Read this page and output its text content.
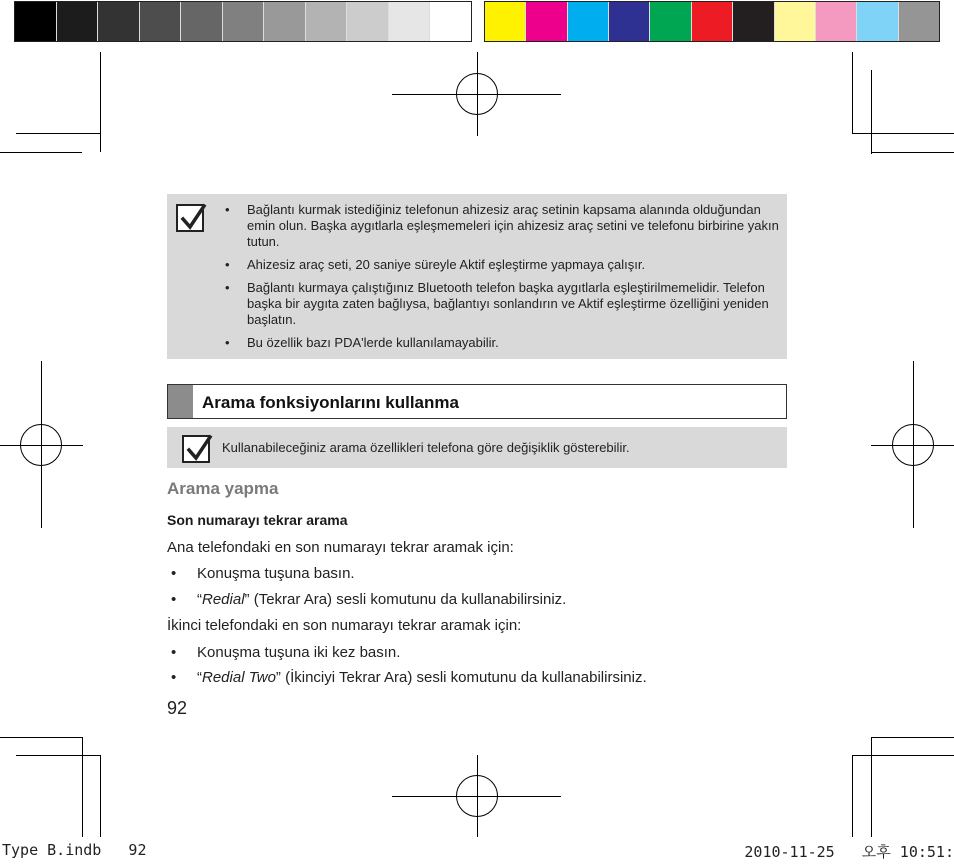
• Bağlantı kurmak istediğiniz telefonun ahizesiz araç setinin kapsama alanında olduğundan emin olun. Başka aygıtlarla eşleşmemeleri için ahizesiz araç setini ve telefonu birbirine yakın tutun.
• Ahizesiz araç seti, 20 saniye süreyle Aktif eşleştirme yapmaya çalışır.
• Bağlantı kurmaya çalıştığınız Bluetooth telefon başka aygıtlarla eşleştirilmemelidir. Telefon başka bir aygıta zaten bağlıysa, bağlantıyı sonlandırın ve Aktif eşleştirme özelliğini yeniden başlatın.
• Bu özellik bazı PDA'lerde kullanılamayabilir.
Arama fonksiyonlarını kullanma
Kullanabileceğiniz arama özellikleri telefona göre değişiklik gösterebilir.
Arama yapma
Son numarayı tekrar arama
Ana telefondaki en son numarayı tekrar aramak için:
• Konuşma tuşuna basın.
• “Redial” (Tekrar Ara) sesli komutunu da kullanabilirsiniz.
İkinci telefondaki en son numarayı tekrar aramak için:
• Konuşma tuşuna iki kez basın.
• “Redial Two” (İkinciyi Tekrar Ara) sesli komutunu da kullanabilirsiniz.
92
Type B.indb   92	2010-11-25   오후 10:51:
